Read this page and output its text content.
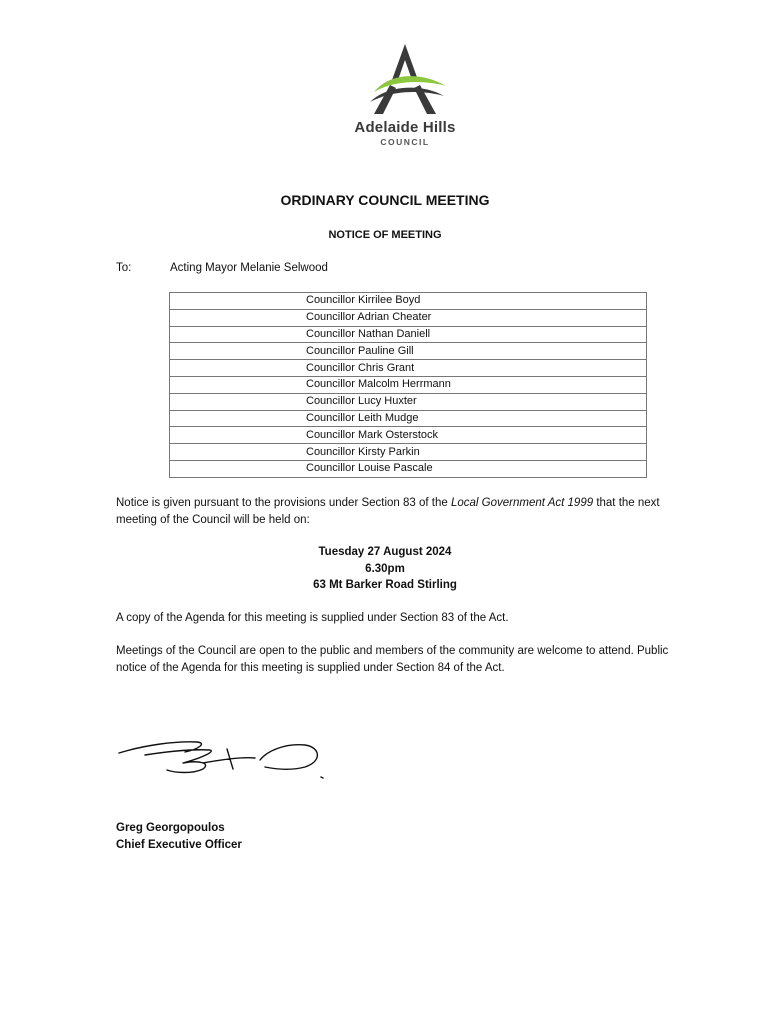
Adelaide Hills
COUNCIL
ORDINARY COUNCIL MEETING
NOTICE OF MEETING
To:	Acting Mayor Melanie Selwood
Councillor Kirrilee Boyd
Councillor Adrian Cheater
Councillor Nathan Daniell
Councillor Pauline Gill
Councillor Chris Grant
Councillor Malcolm Herrmann
Councillor Lucy Huxter
Councillor Leith Mudge
Councillor Mark Osterstock
Councillor Kirsty Parkin
Councillor Louise Pascale
Notice is given pursuant to the provisions under Section 83 of the Local Government Act 1999 that the next meeting of the Council will be held on:
Tuesday 27 August 2024
6.30pm
63 Mt Barker Road Stirling
A copy of the Agenda for this meeting is supplied under Section 83 of the Act.
Meetings of the Council are open to the public and members of the community are welcome to attend. Public notice of the Agenda for this meeting is supplied under Section 84 of the Act.
Greg Georgopoulos
Chief Executive Officer
